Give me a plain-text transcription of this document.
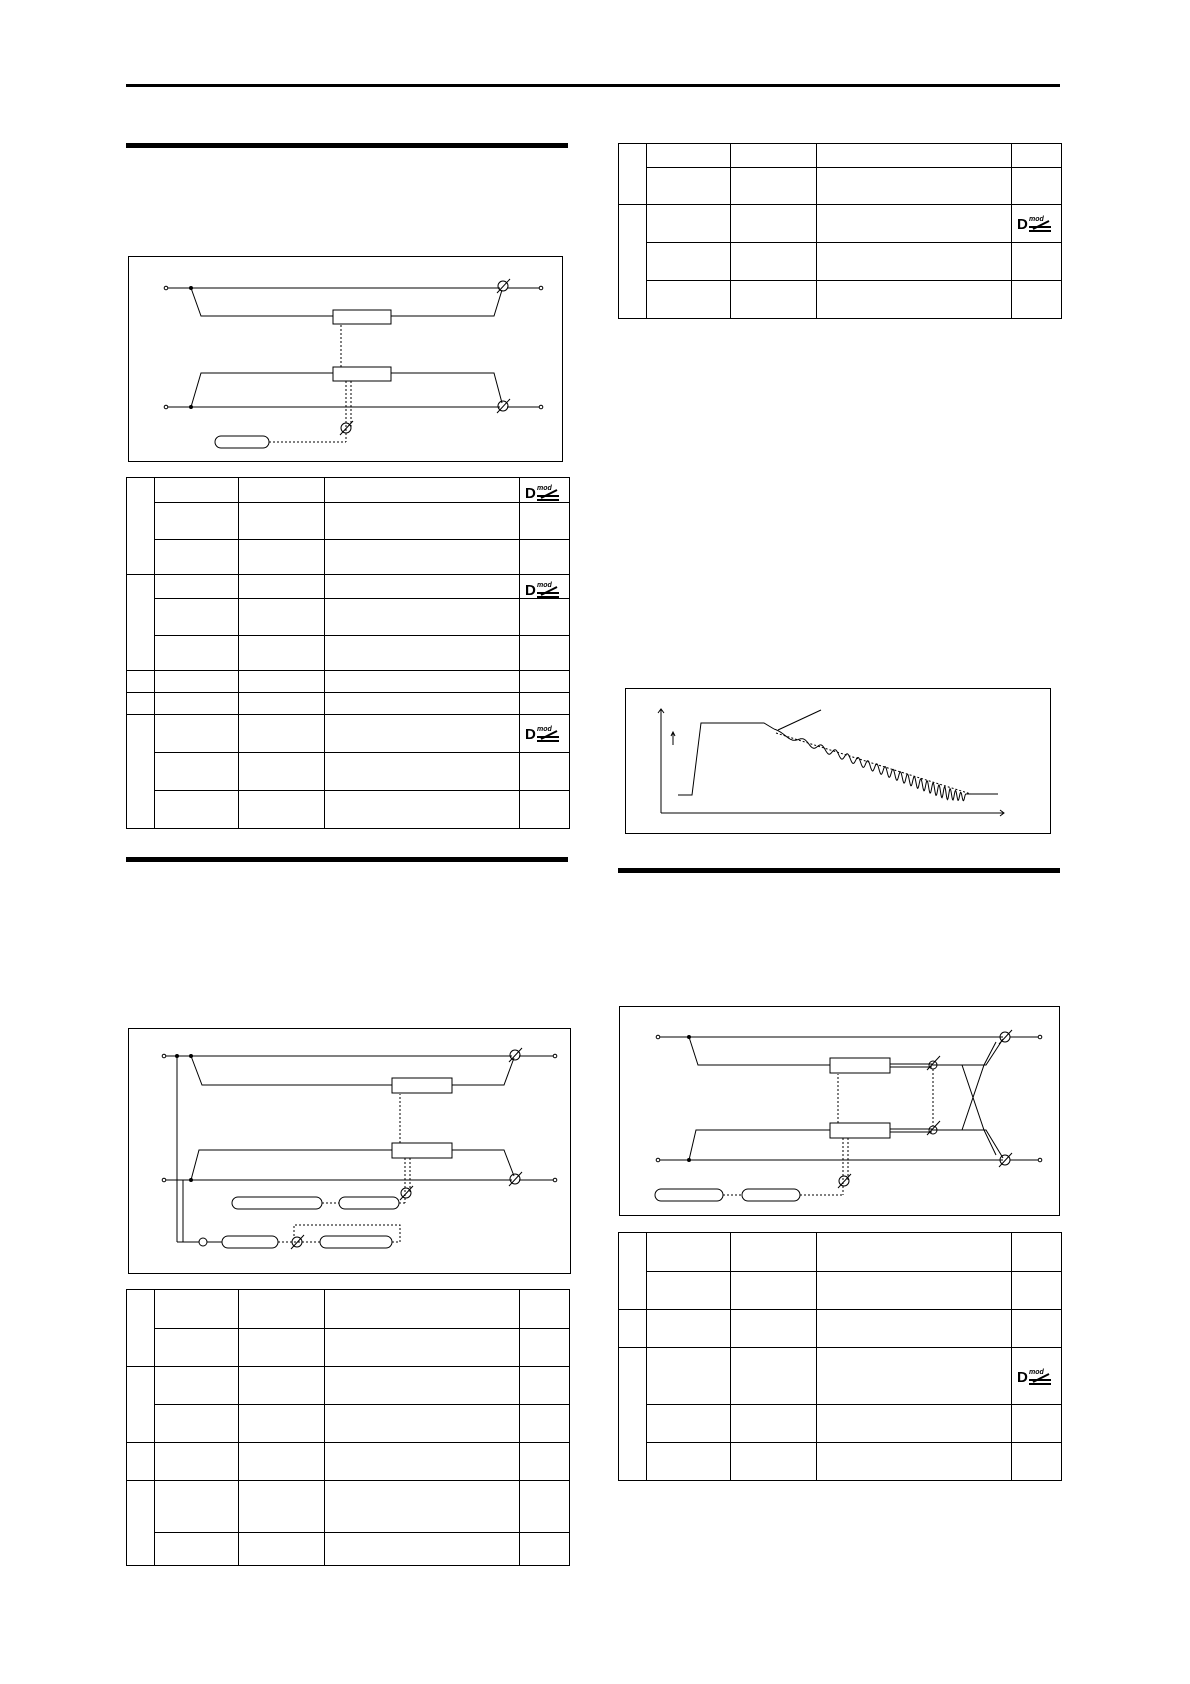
D mod
D mod
D mod
D mod
D mod
